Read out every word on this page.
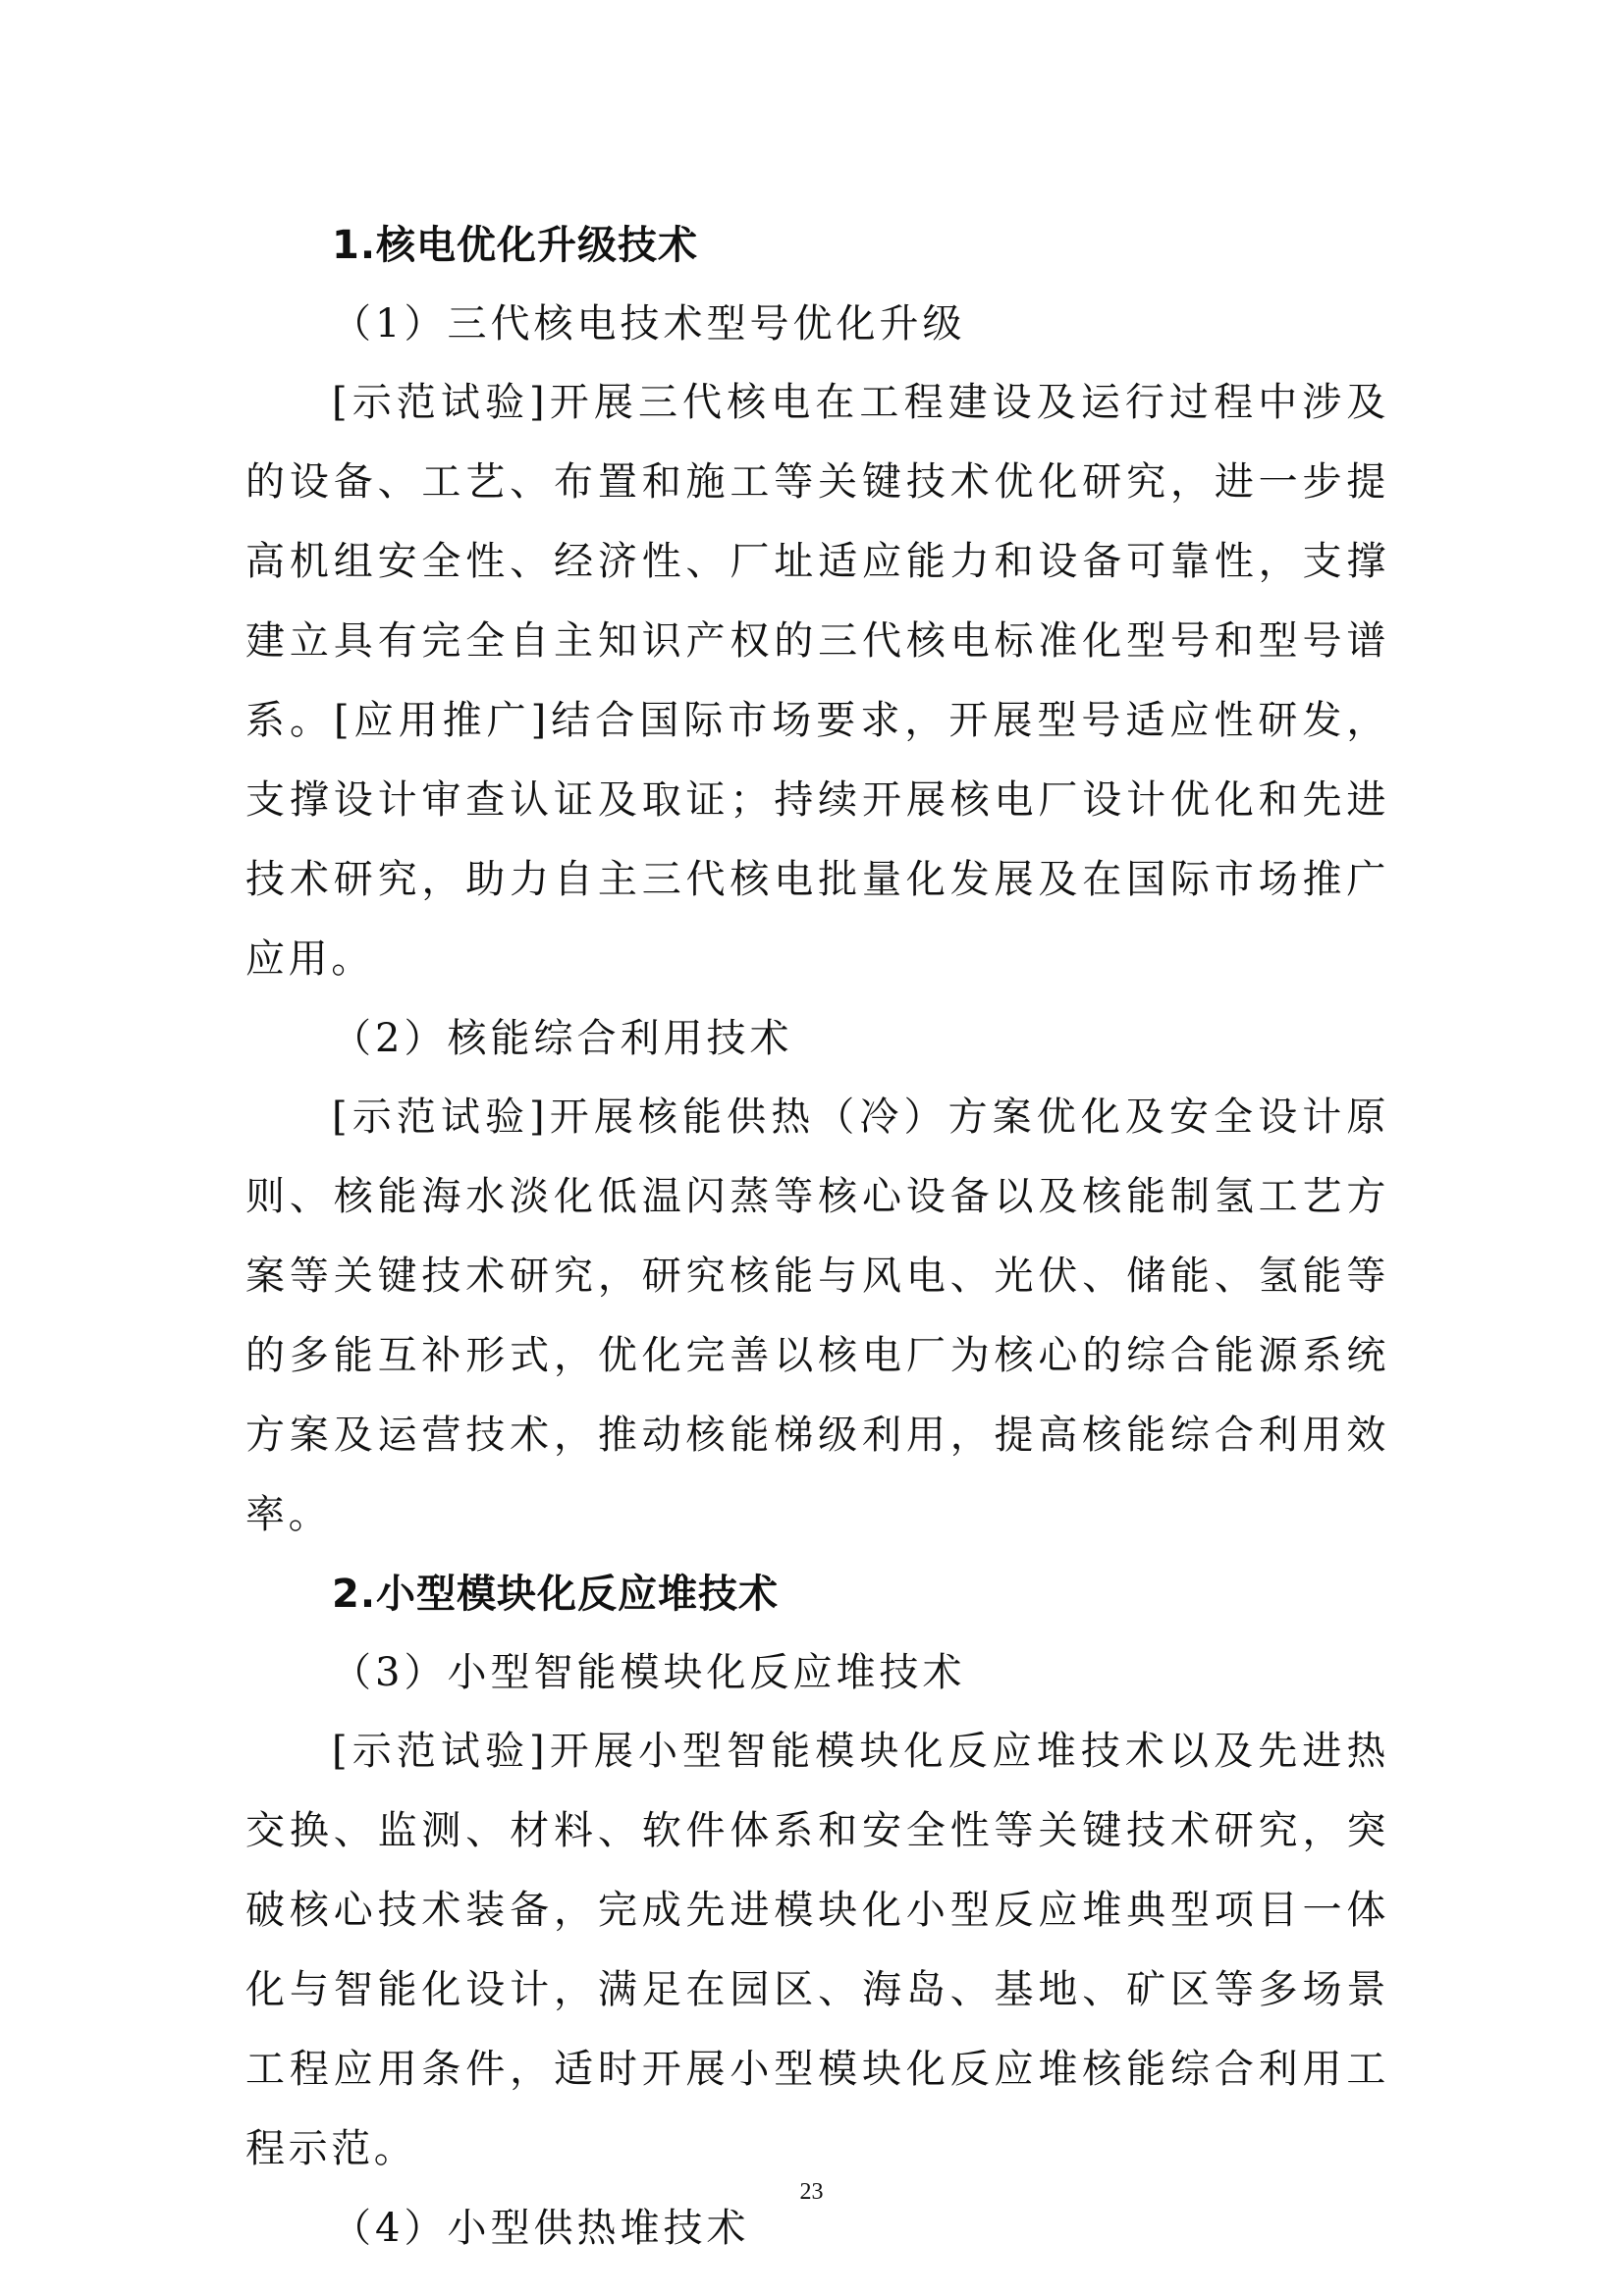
1.核电优化升级技术

（1）三代核电技术型号优化升级

[示范试验]开展三代核电在工程建设及运行过程中涉及的设备、工艺、布置和施工等关键技术优化研究，进一步提高机组安全性、经济性、厂址适应能力和设备可靠性，支撑建立具有完全自主知识产权的三代核电标准化型号和型号谱系。[应用推广]结合国际市场要求，开展型号适应性研发，支撑设计审查认证及取证；持续开展核电厂设计优化和先进技术研究，助力自主三代核电批量化发展及在国际市场推广应用。

（2）核能综合利用技术

[示范试验]开展核能供热（冷）方案优化及安全设计原则、核能海水淡化低温闪蒸等核心设备以及核能制氢工艺方案等关键技术研究，研究核能与风电、光伏、储能、氢能等的多能互补形式，优化完善以核电厂为核心的综合能源系统方案及运营技术，推动核能梯级利用，提高核能综合利用效率。

2.小型模块化反应堆技术

（3）小型智能模块化反应堆技术

[示范试验]开展小型智能模块化反应堆技术以及先进热交换、监测、材料、软件体系和安全性等关键技术研究，突破核心技术装备，完成先进模块化小型反应堆典型项目一体化与智能化设计，满足在园区、海岛、基地、矿区等多场景工程应用条件，适时开展小型模块化反应堆核能综合利用工程示范。

（4）小型供热堆技术

23
